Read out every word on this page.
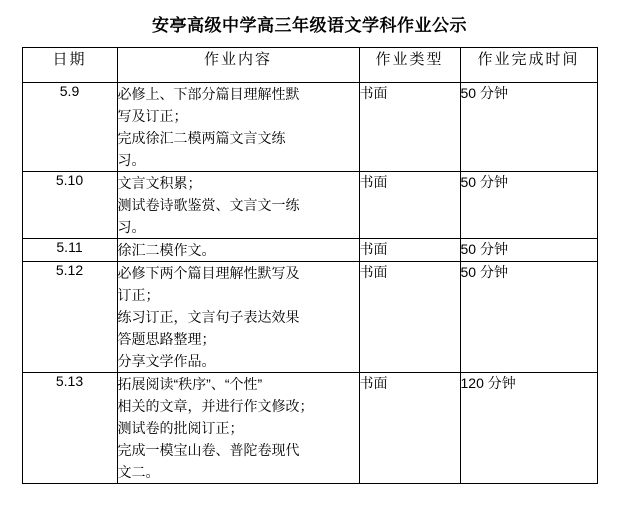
安亭高级中学高三年级语文学科作业公示
日期	作业内容	作业类型	作业完成时间
5.9	必修上、下部分篇目理解性默
写及订正；
完成徐汇二模两篇文言文练
习。	书面	50 分钟
5.10	文言文积累；
测试卷诗歌鉴赏、文言文一练
习。	书面	50 分钟
5.11	徐汇二模作文。	书面	50 分钟
5.12	必修下两个篇目理解性默写及
订正；
练习订正，文言句子表达效果
答题思路整理；
分享文学作品。	书面	50 分钟
5.13	拓展阅读“秩序”、“个性”
相关的文章，并进行作文修改；
测试卷的批阅订正；
完成一模宝山卷、普陀卷现代
文二。	书面	120 分钟
